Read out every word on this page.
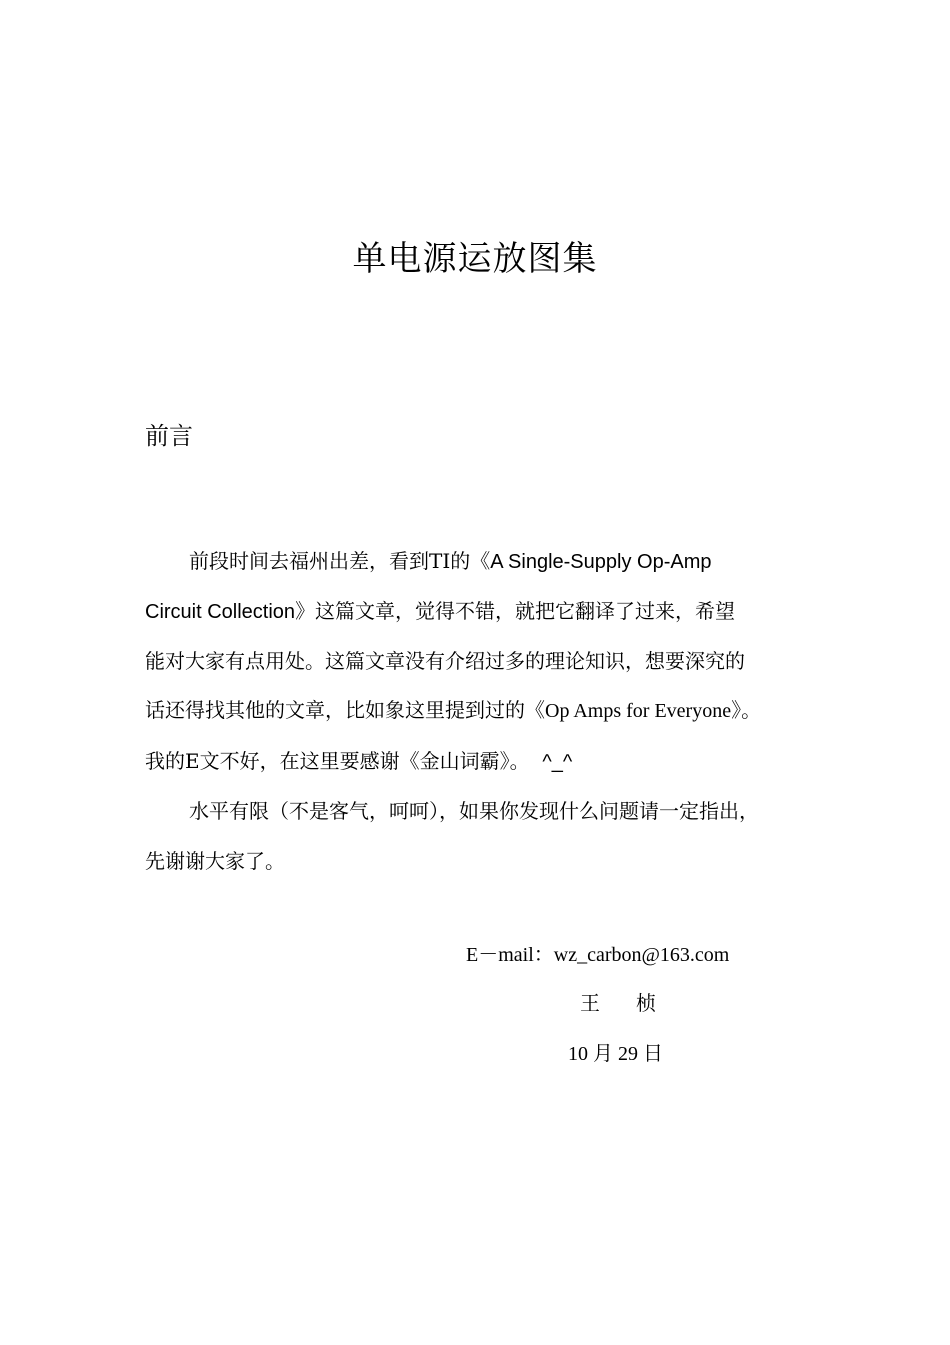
单电源运放图集
前言
前段时间去福州出差，看到TI的《A Single-Supply Op-Amp
Circuit Collection》这篇文章，觉得不错，就把它翻译了过来，希望
能对大家有点用处。这篇文章没有介绍过多的理论知识，想要深究的
话还得找其他的文章，比如象这里提到过的《Op Amps for Everyone》。
我的E文不好，在这里要感谢《金山词霸》。 ^_^
水平有限（不是客气，呵呵），如果你发现什么问题请一定指出，
先谢谢大家了。
E－mail：wz_carbon@163.com
王 桢
10 月 29 日
